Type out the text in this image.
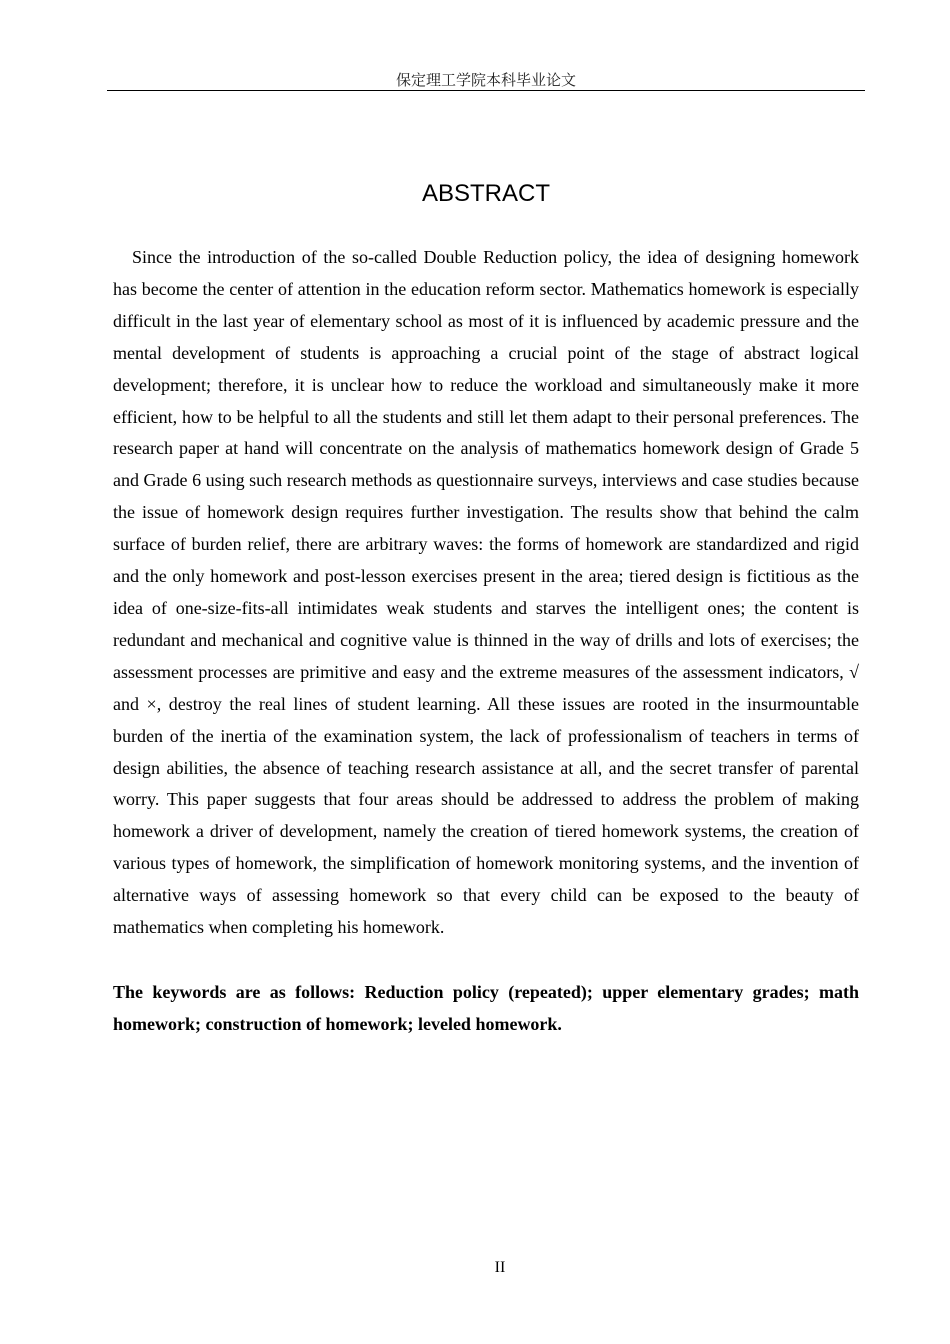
保定理工学院本科毕业论文
ABSTRACT

Since the introduction of the so-called Double Reduction policy, the idea of designing homework has become the center of attention in the education reform sector. Mathematics homework is especially difficult in the last year of elementary school as most of it is influenced by academic pressure and the mental development of students is approaching a crucial point of the stage of abstract logical development; therefore, it is unclear how to reduce the workload and simultaneously make it more efficient, how to be helpful to all the students and still let them adapt to their personal preferences. The research paper at hand will concentrate on the analysis of mathematics homework design of Grade 5 and Grade 6 using such research methods as questionnaire surveys, interviews and case studies because the issue of homework design requires further investigation. The results show that behind the calm surface of burden relief, there are arbitrary waves: the forms of homework are standardized and rigid and the only homework and post-lesson exercises present in the area; tiered design is fictitious as the idea of one-size-fits-all intimidates weak students and starves the intelligent ones; the content is redundant and mechanical and cognitive value is thinned in the way of drills and lots of exercises; the assessment processes are primitive and easy and the extreme measures of the assessment indicators, √ and ×, destroy the real lines of student learning. All these issues are rooted in the insurmountable burden of the inertia of the examination system, the lack of professionalism of teachers in terms of design abilities, the absence of teaching research assistance at all, and the secret transfer of parental worry. This paper suggests that four areas should be addressed to address the problem of making homework a driver of development, namely the creation of tiered homework systems, the creation of various types of homework, the simplification of homework monitoring systems, and the invention of alternative ways of assessing homework so that every child can be exposed to the beauty of mathematics when completing his homework.

The keywords are as follows: Reduction policy (repeated); upper elementary grades; math homework; construction of homework; leveled homework.

II
